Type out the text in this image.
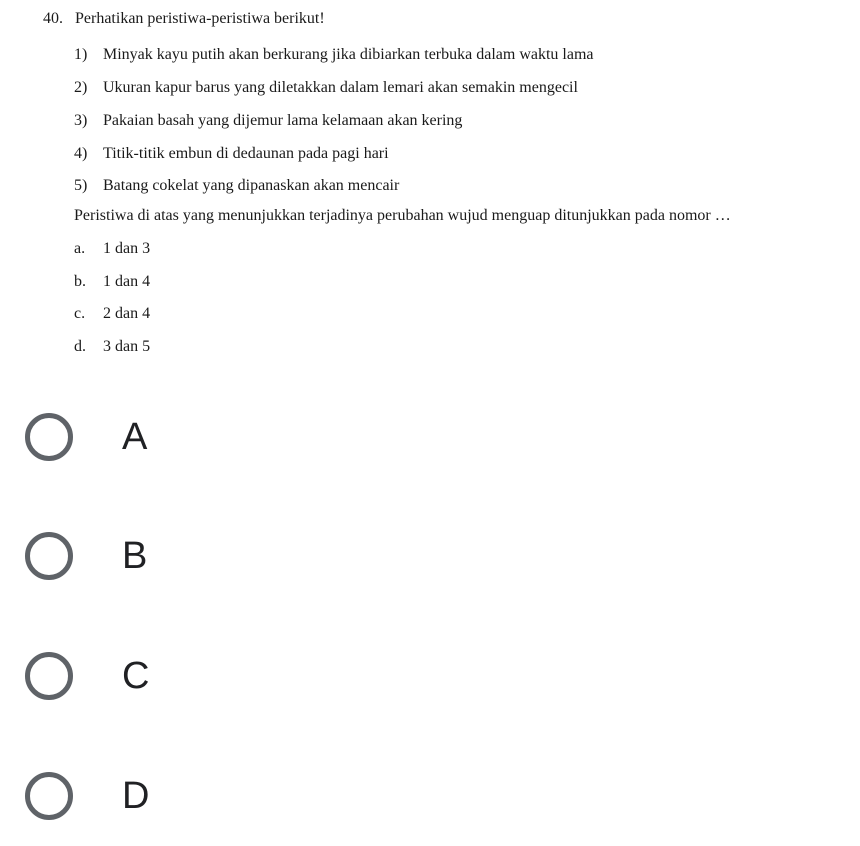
40. Perhatikan peristiwa-peristiwa berikut!
1) Minyak kayu putih akan berkurang jika dibiarkan terbuka dalam waktu lama
2) Ukuran kapur barus yang diletakkan dalam lemari akan semakin mengecil
3) Pakaian basah yang dijemur lama kelamaan akan kering
4) Titik-titik embun di dedaunan pada pagi hari
5) Batang cokelat yang dipanaskan akan mencair
Peristiwa di atas yang menunjukkan terjadinya perubahan wujud menguap ditunjukkan pada nomor …
a. 1 dan 3
b. 1 dan 4
c. 2 dan 4
d. 3 dan 5
A
B
C
D
